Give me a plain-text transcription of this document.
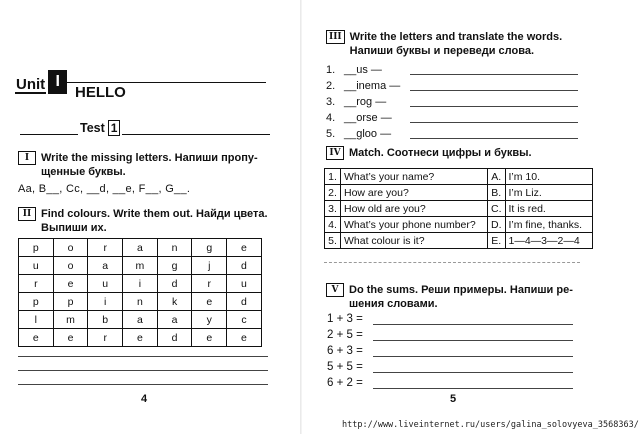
Unit I
HELLO
Test 1
I	Write the missing letters. Напиши пропу-
щенные буквы.
Aa, B__, Cc, __d, __e, F__, G__.
II Find colours. Write them out. Найди цвета.
Выпиши их.
p	o	r	a	n	g	e
u	o	a	m	g	j	d
r	e	u	i	d	r	u
p	p	i	n	k	e	d
l	m	b	a	a	y	c
e	e	r	e	d	e	e
4
III Write the letters and translate the words.
Напиши буквы и переведи слова.
1. __us —
2. __inema —
3. __rog —
4. __orse —
5. __gloo —
IV Match. Соотнеси цифры и буквы.
1.	What’s your name?	A.	I’m 10.
2.	How are you?	B.	I’m Liz.
3.	How old are you?	C.	It is red.
4.	What’s your phone number?	D.	I’m fine, thanks.
5.	What colour is it?	E.	1—4—3—2—4
V Do the sums. Реши примеры. Напиши ре-
шения словами.
1 + 3 =
2 + 5 =
6 + 3 =
5 + 5 =
6 + 2 =
5
http://www.liveinternet.ru/users/galina_solovyeva_3568363/
